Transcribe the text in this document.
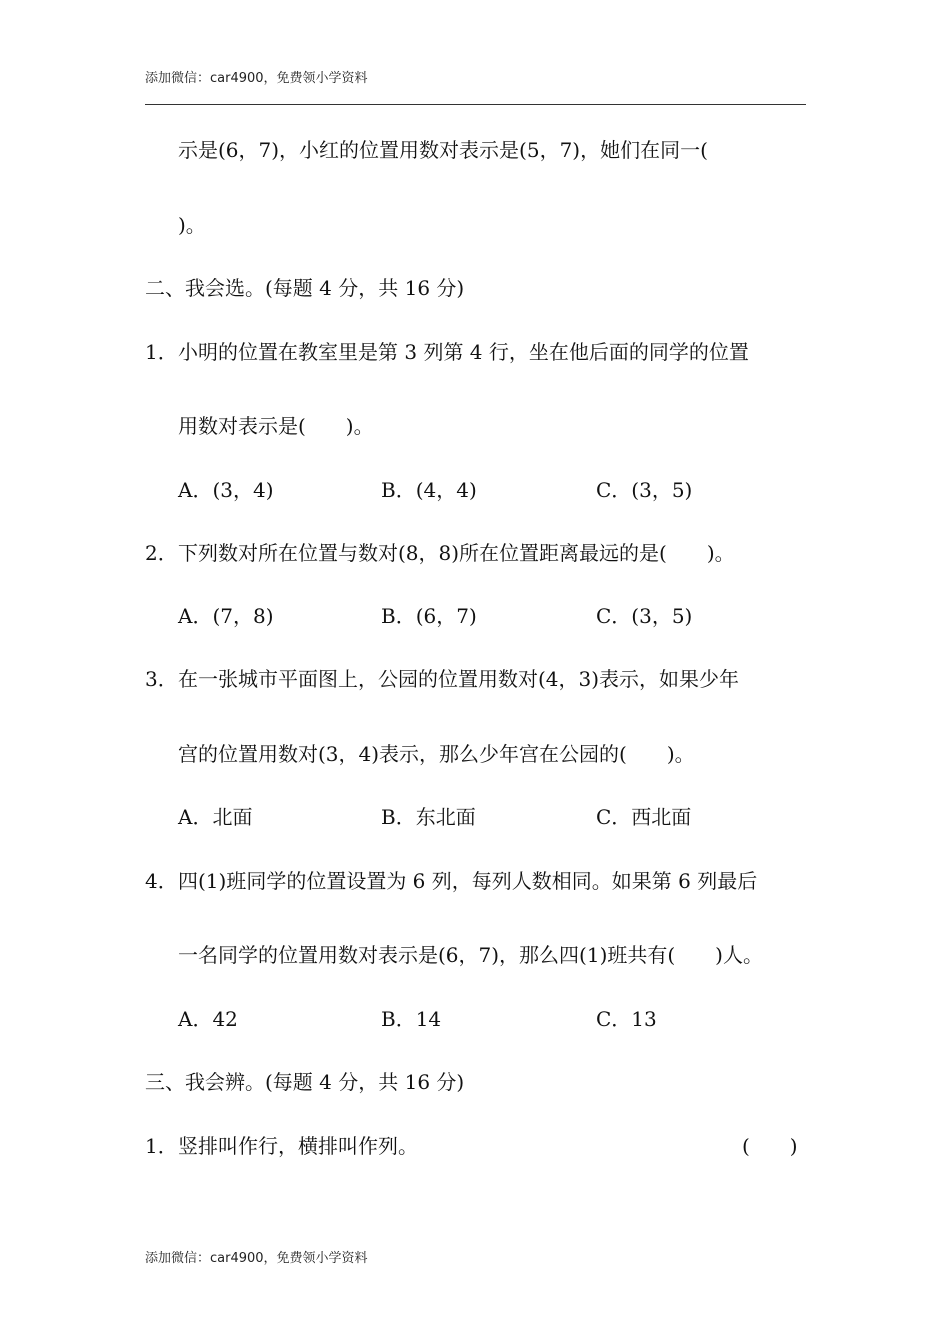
添加微信：car4900，免费领小学资料
示是(6，7)，小红的位置用数对表示是(5，7)，她们在同一(
)。
二、我会选。(每题 4 分，共 16 分)
1． 小明的位置在教室里是第 3 列第 4 行，坐在他后面的同学的位置
用数对表示是(　　)。
A．(3，4)	B．(4，4)	C．(3，5)
2． 下列数对所在位置与数对(8，8)所在位置距离最远的是(　　)。
A．(7，8)	B．(6，7)	C．(3，5)
3． 在一张城市平面图上，公园的位置用数对(4，3)表示，如果少年
宫的位置用数对(3，4)表示，那么少年宫在公园的(　　)。
A．北面	B．东北面	C．西北面
4． 四(1)班同学的位置设置为 6 列，每列人数相同。如果第 6 列最后
一名同学的位置用数对表示是(6，7)，那么四(1)班共有(　　)人。
A．42	B．14	C．13
三、我会辨。(每题 4 分，共 16 分)
1． 竖排叫作行，横排叫作列。	(　　)
添加微信：car4900，免费领小学资料
